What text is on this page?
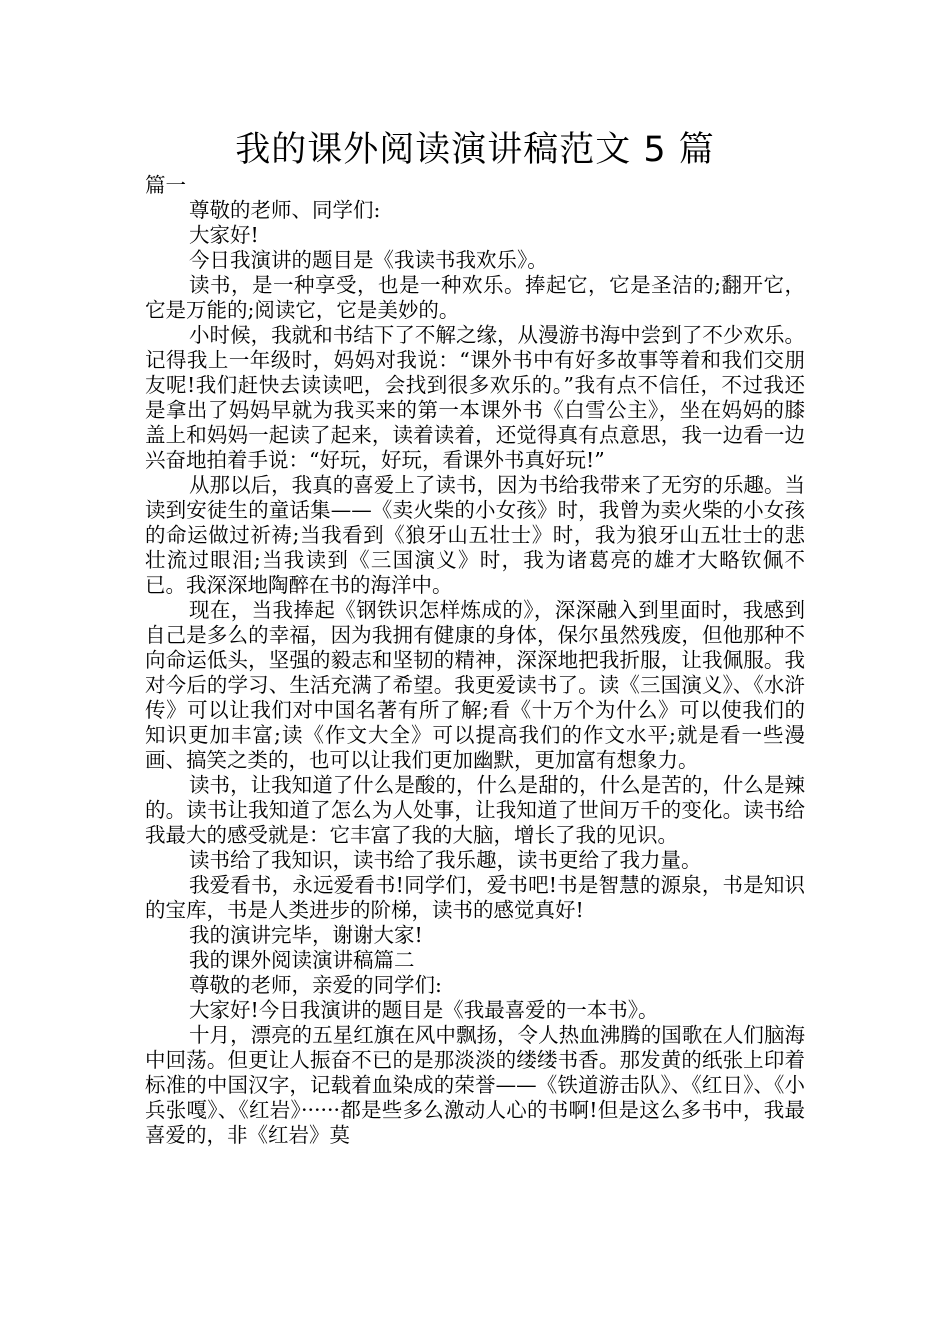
我的课外阅读演讲稿范文 5 篇

篇一

尊敬的老师、同学们:

大家好!

今日我演讲的题目是《我读书我欢乐》。

读书，是一种享受，也是一种欢乐。捧起它，它是圣洁的;翻开它，它是万能的;阅读它，它是美妙的。

小时候，我就和书结下了不解之缘，从漫游书海中尝到了不少欢乐。记得我上一年级时，妈妈对我说：“课外书中有好多故事等着和我们交朋友呢!我们赶快去读读吧，会找到很多欢乐的。”我有点不信任，不过我还是拿出了妈妈早就为我买来的第一本课外书《白雪公主》，坐在妈妈的膝盖上和妈妈一起读了起来，读着读着，还觉得真有点意思，我一边看一边兴奋地拍着手说：“好玩，好玩，看课外书真好玩!”

从那以后，我真的喜爱上了读书，因为书给我带来了无穷的乐趣。当读到安徒生的童话集——《卖火柴的小女孩》时，我曾为卖火柴的小女孩的命运做过祈祷;当我看到《狼牙山五壮士》时，我为狼牙山五壮士的悲壮流过眼泪;当我读到《三国演义》时，我为诸葛亮的雄才大略钦佩不已。我深深地陶醉在书的海洋中。

现在，当我捧起《钢铁识怎样炼成的》，深深融入到里面时，我感到自己是多么的幸福，因为我拥有健康的身体，保尔虽然残废，但他那种不向命运低头，坚强的毅志和坚韧的精神，深深地把我折服，让我佩服。我对今后的学习、生活充满了希望。我更爱读书了。读《三国演义》、《水浒传》可以让我们对中国名著有所了解;看《十万个为什么》可以使我们的知识更加丰富;读《作文大全》可以提高我们的作文水平;就是看一些漫画、搞笑之类的，也可以让我们更加幽默，更加富有想象力。

读书，让我知道了什么是酸的，什么是甜的，什么是苦的，什么是辣的。读书让我知道了怎么为人处事，让我知道了世间万千的变化。读书给我最大的感受就是：它丰富了我的大脑，增长了我的见识。

读书给了我知识，读书给了我乐趣，读书更给了我力量。

我爱看书，永远爱看书!同学们，爱书吧!书是智慧的源泉，书是知识的宝库，书是人类进步的阶梯，读书的感觉真好!

我的演讲完毕，谢谢大家!

我的课外阅读演讲稿篇二

尊敬的老师，亲爱的同学们:

大家好!今日我演讲的题目是《我最喜爱的一本书》。

十月，漂亮的五星红旗在风中飘扬，令人热血沸腾的国歌在人们脑海中回荡。但更让人振奋不已的是那淡淡的缕缕书香。那发黄的纸张上印着标准的中国汉字，记载着血染成的荣誉——《铁道游击队》、《红日》、《小兵张嘎》、《红岩》······都是些多么激动人心的书啊!但是这么多书中，我最喜爱的，非《红岩》莫
